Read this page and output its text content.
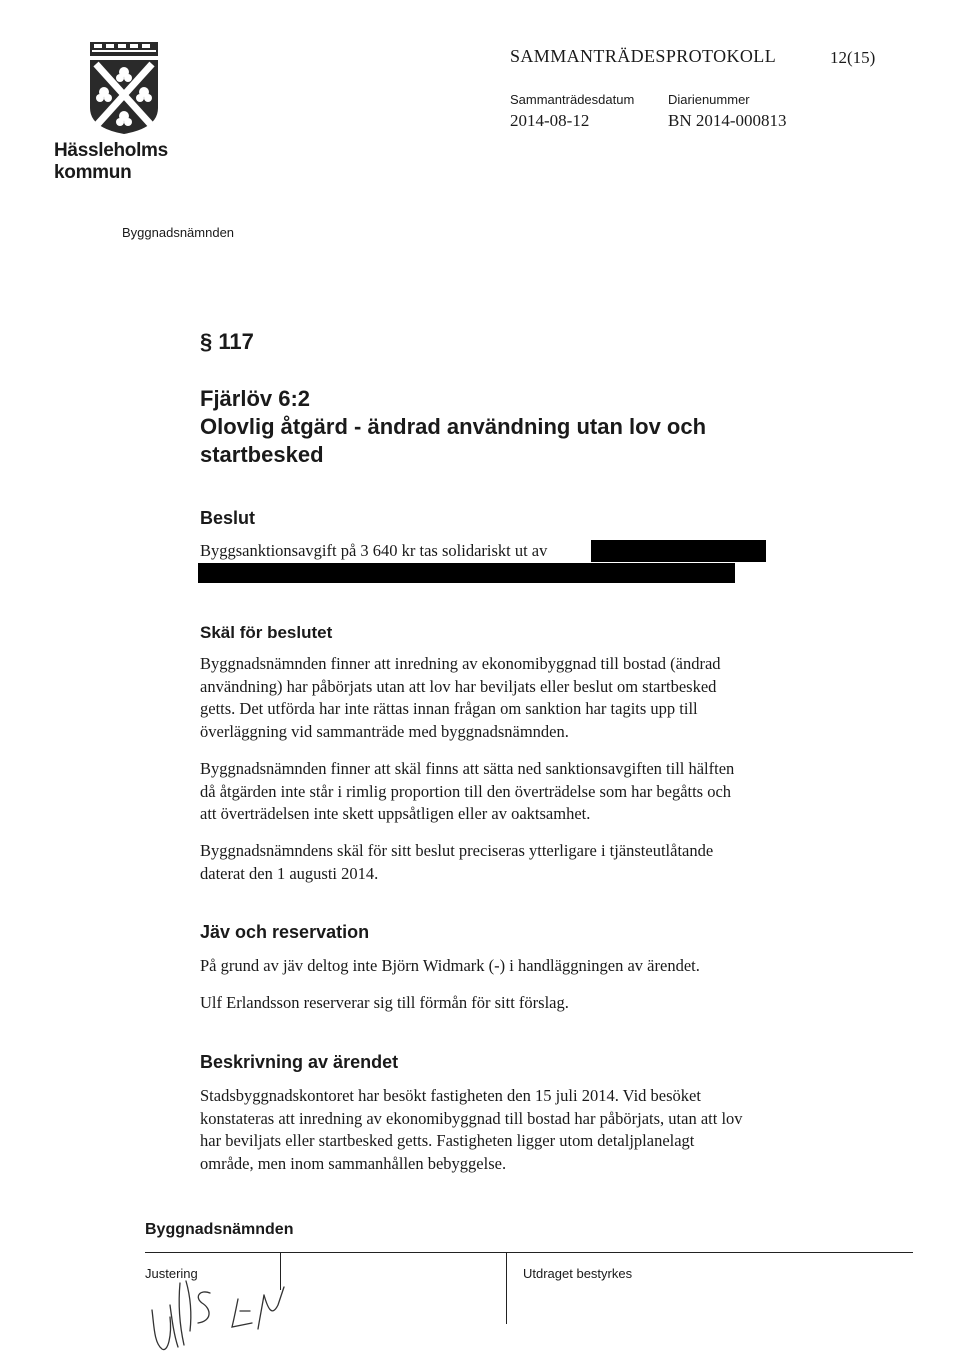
Hässleholms
kommun
SAMMANTRÄDESPROTOKOLL	12(15)
Sammanträdesdatum
2014-08-12
Diarienummer
BN 2014-000813
Byggnadsnämnden
§ 117
Fjärlöv 6:2
Olovlig åtgärd - ändrad användning utan lov och
startbesked
Beslut
Byggsanktionsavgift på 3 640 kr tas solidariskt ut av
Skäl för beslutet
Byggnadsnämnden finner att inredning av ekonomibyggnad till bostad (ändrad
användning) har påbörjats utan att lov har beviljats eller beslut om startbesked
getts. Det utförda har inte rättas innan frågan om sanktion har tagits upp till
överläggning vid sammanträde med byggnadsnämnden.
Byggnadsnämnden finner att skäl finns att sätta ned sanktionsavgiften till hälften
då åtgärden inte står i rimlig proportion till den överträdelse som har begåtts och
att överträdelsen inte skett uppsåtligen eller av oaktsamhet.
Byggnadsnämndens skäl för sitt beslut preciseras ytterligare i tjänsteutlåtande
daterat den 1 augusti 2014.
Jäv och reservation
På grund av jäv deltog inte Björn Widmark (-) i handläggningen av ärendet.
Ulf Erlandsson reserverar sig till förmån för sitt förslag.
Beskrivning av ärendet
Stadsbyggnadskontoret har besökt fastigheten den 15 juli 2014. Vid besöket
konstateras att inredning av ekonomibyggnad till bostad har påbörjats, utan att lov
har beviljats eller startbesked getts. Fastigheten ligger utom detaljplanelagt
område, men inom sammanhållen bebyggelse.
Byggnadsnämnden
Justering	Utdraget bestyrkes
